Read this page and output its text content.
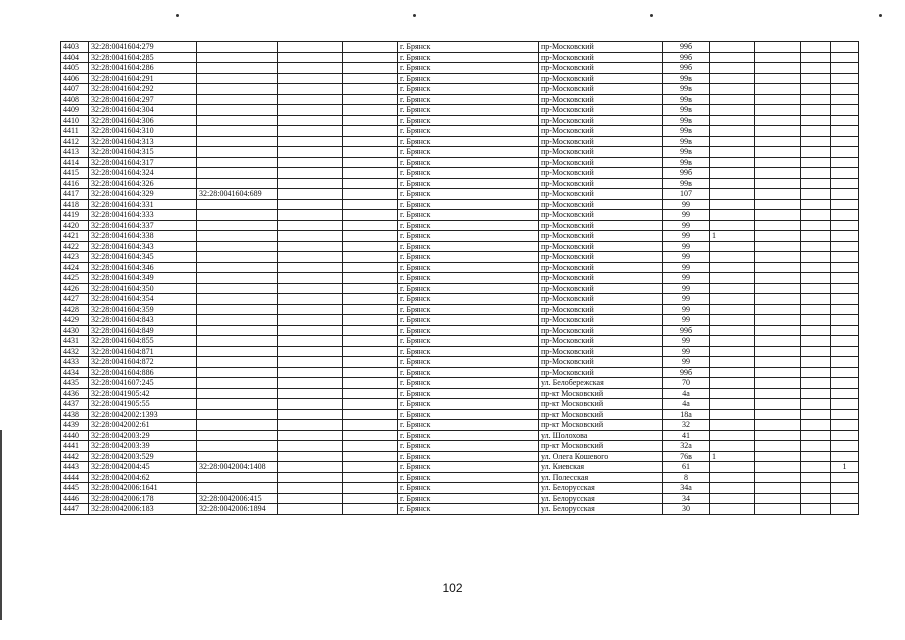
4403	32:28:0041604:279				г. Брянск	пр-Московский	99б				
4404	32:28:0041604:285				г. Брянск	пр-Московский	99б				
4405	32:28:0041604:286				г. Брянск	пр-Московский	99б				
4406	32:28:0041604:291				г. Брянск	пр-Московский	99в				
4407	32:28:0041604:292				г. Брянск	пр-Московский	99в				
4408	32:28:0041604:297				г. Брянск	пр-Московский	99в				
4409	32:28:0041604:304				г. Брянск	пр-Московский	99в				
4410	32:28:0041604:306				г. Брянск	пр-Московский	99в				
4411	32:28:0041604:310				г. Брянск	пр-Московский	99в				
4412	32:28:0041604:313				г. Брянск	пр-Московский	99в				
4413	32:28:0041604:315				г. Брянск	пр-Московский	99в				
4414	32:28:0041604:317				г. Брянск	пр-Московский	99в				
4415	32:28:0041604:324				г. Брянск	пр-Московский	99б				
4416	32:28:0041604:326				г. Брянск	пр-Московский	99в				
4417	32:28:0041604:329	32:28:0041604:689			г. Брянск	пр-Московский	107				
4418	32:28:0041604:331				г. Брянск	пр-Московский	99				
4419	32:28:0041604:333				г. Брянск	пр-Московский	99				
4420	32:28:0041604:337				г. Брянск	пр-Московский	99				
4421	32:28:0041604:338				г. Брянск	пр-Московский	99	1			
4422	32:28:0041604:343				г. Брянск	пр-Московский	99				
4423	32:28:0041604:345				г. Брянск	пр-Московский	99				
4424	32:28:0041604:346				г. Брянск	пр-Московский	99				
4425	32:28:0041604:349				г. Брянск	пр-Московский	99				
4426	32:28:0041604:350				г. Брянск	пр-Московский	99				
4427	32:28:0041604:354				г. Брянск	пр-Московский	99				
4428	32:28:0041604:359				г. Брянск	пр-Московский	99				
4429	32:28:0041604:843				г. Брянск	пр-Московский	99				
4430	32:28:0041604:849				г. Брянск	пр-Московский	99б				
4431	32:28:0041604:855				г. Брянск	пр-Московский	99				
4432	32:28:0041604:871				г. Брянск	пр-Московский	99				
4433	32:28:0041604:872				г. Брянск	пр-Московский	99				
4434	32:28:0041604:886				г. Брянск	пр-Московский	99б				
4435	32:28:0041607:245				г. Брянск	ул. Белобережская	70				
4436	32:28:0041905:42				г. Брянск	пр-кт Московский	4а				
4437	32:28:0041905:55				г. Брянск	пр-кт Московский	4а				
4438	32:28:0042002:1393				г. Брянск	пр-кт Московский	18а				
4439	32:28:0042002:61				г. Брянск	пр-кт Московский	32				
4440	32:28:0042003:29				г. Брянск	ул. Шолохова	41				
4441	32:28:0042003:39				г. Брянск	пр-кт Московский	32а				
4442	32:28:0042003:529				г. Брянск	ул. Олега Кошевого	76в	1			
4443	32:28:0042004:45	32:28:0042004:1408			г. Брянск	ул. Киевская	61				1
4444	32:28:0042004:62				г. Брянск	ул. Полесская	8				
4445	32:28:0042006:1641				г. Брянск	ул. Белорусская	34а				
4446	32:28:0042006:178	32:28:0042006:415			г. Брянск	ул. Белорусская	34				
4447	32:28:0042006:183	32:28:0042006:1894			г. Брянск	ул. Белорусская	30				
102
